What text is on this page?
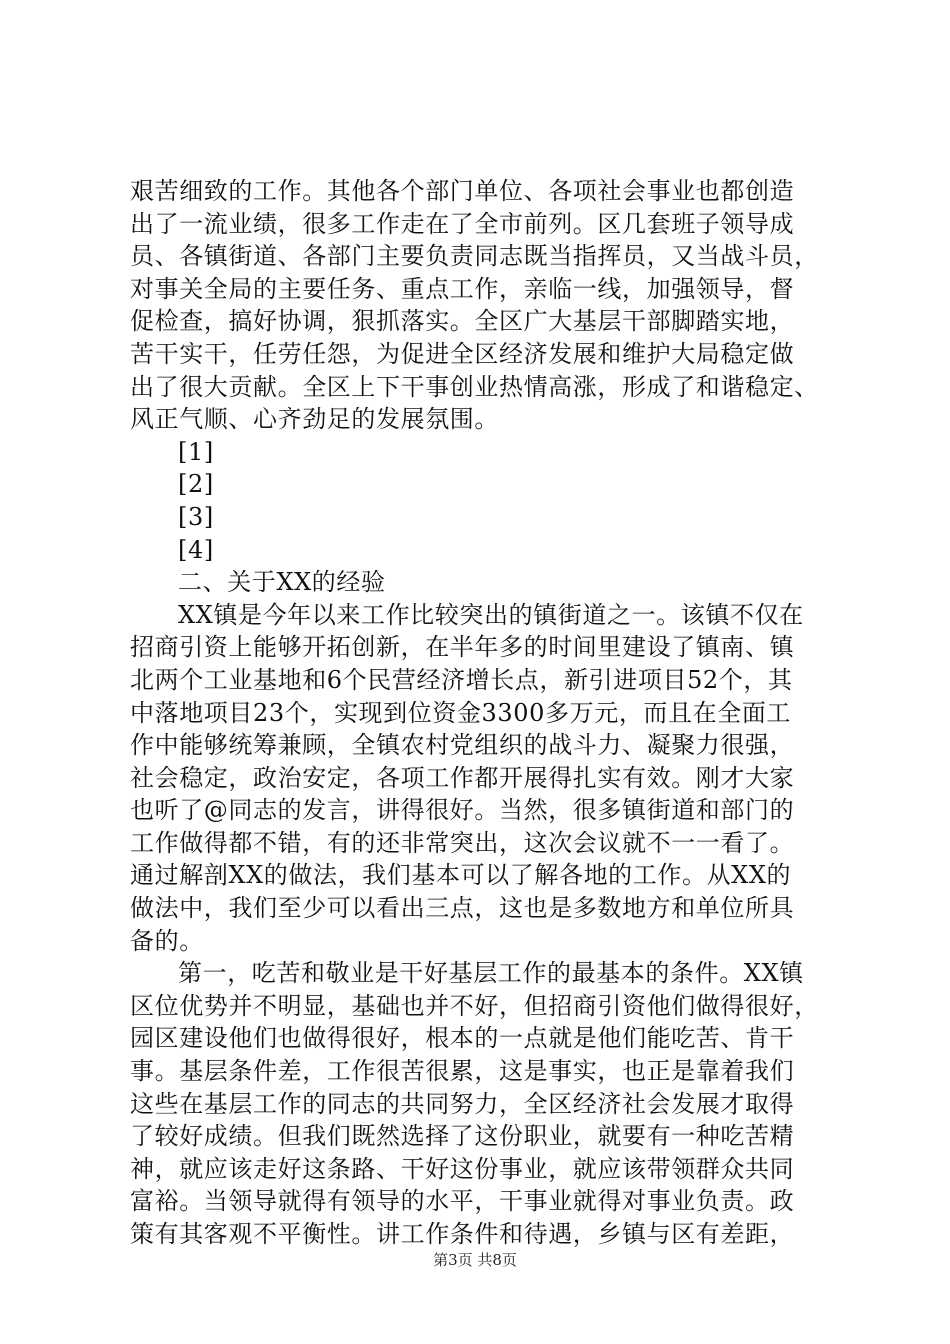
艰苦细致的工作。其他各个部门单位、各项社会事业也都创造
出了一流业绩，很多工作走在了全市前列。区几套班子领导成
员、各镇街道、各部门主要负责同志既当指挥员，又当战斗员，
对事关全局的主要任务、重点工作，亲临一线，加强领导，督
促检查，搞好协调，狠抓落实。全区广大基层干部脚踏实地，
苦干实干，任劳任怨，为促进全区经济发展和维护大局稳定做
出了很大贡献。全区上下干事创业热情高涨，形成了和谐稳定、
风正气顺、心齐劲足的发展氛围。
[1]
[2]
[3]
[4]
二、关于XX的经验
XX镇是今年以来工作比较突出的镇街道之一。该镇不仅在
招商引资上能够开拓创新，在半年多的时间里建设了镇南、镇
北两个工业基地和6个民营经济增长点，新引进项目52个，其
中落地项目23个，实现到位资金3300多万元，而且在全面工
作中能够统筹兼顾，全镇农村党组织的战斗力、凝聚力很强，
社会稳定，政治安定，各项工作都开展得扎实有效。刚才大家
也听了@同志的发言，讲得很好。当然，很多镇街道和部门的
工作做得都不错，有的还非常突出，这次会议就不一一看了。
通过解剖XX的做法，我们基本可以了解各地的工作。从XX的
做法中，我们至少可以看出三点，这也是多数地方和单位所具
备的。
第一，吃苦和敬业是干好基层工作的最基本的条件。XX镇
区位优势并不明显，基础也并不好，但招商引资他们做得很好，
园区建设他们也做得很好，根本的一点就是他们能吃苦、肯干
事。基层条件差，工作很苦很累，这是事实，也正是靠着我们
这些在基层工作的同志的共同努力，全区经济社会发展才取得
了较好成绩。但我们既然选择了这份职业，就要有一种吃苦精
神，就应该走好这条路、干好这份事业，就应该带领群众共同
富裕。当领导就得有领导的水平，干事业就得对事业负责。政
策有其客观不平衡性。讲工作条件和待遇，乡镇与区有差距，
第3页 共8页
